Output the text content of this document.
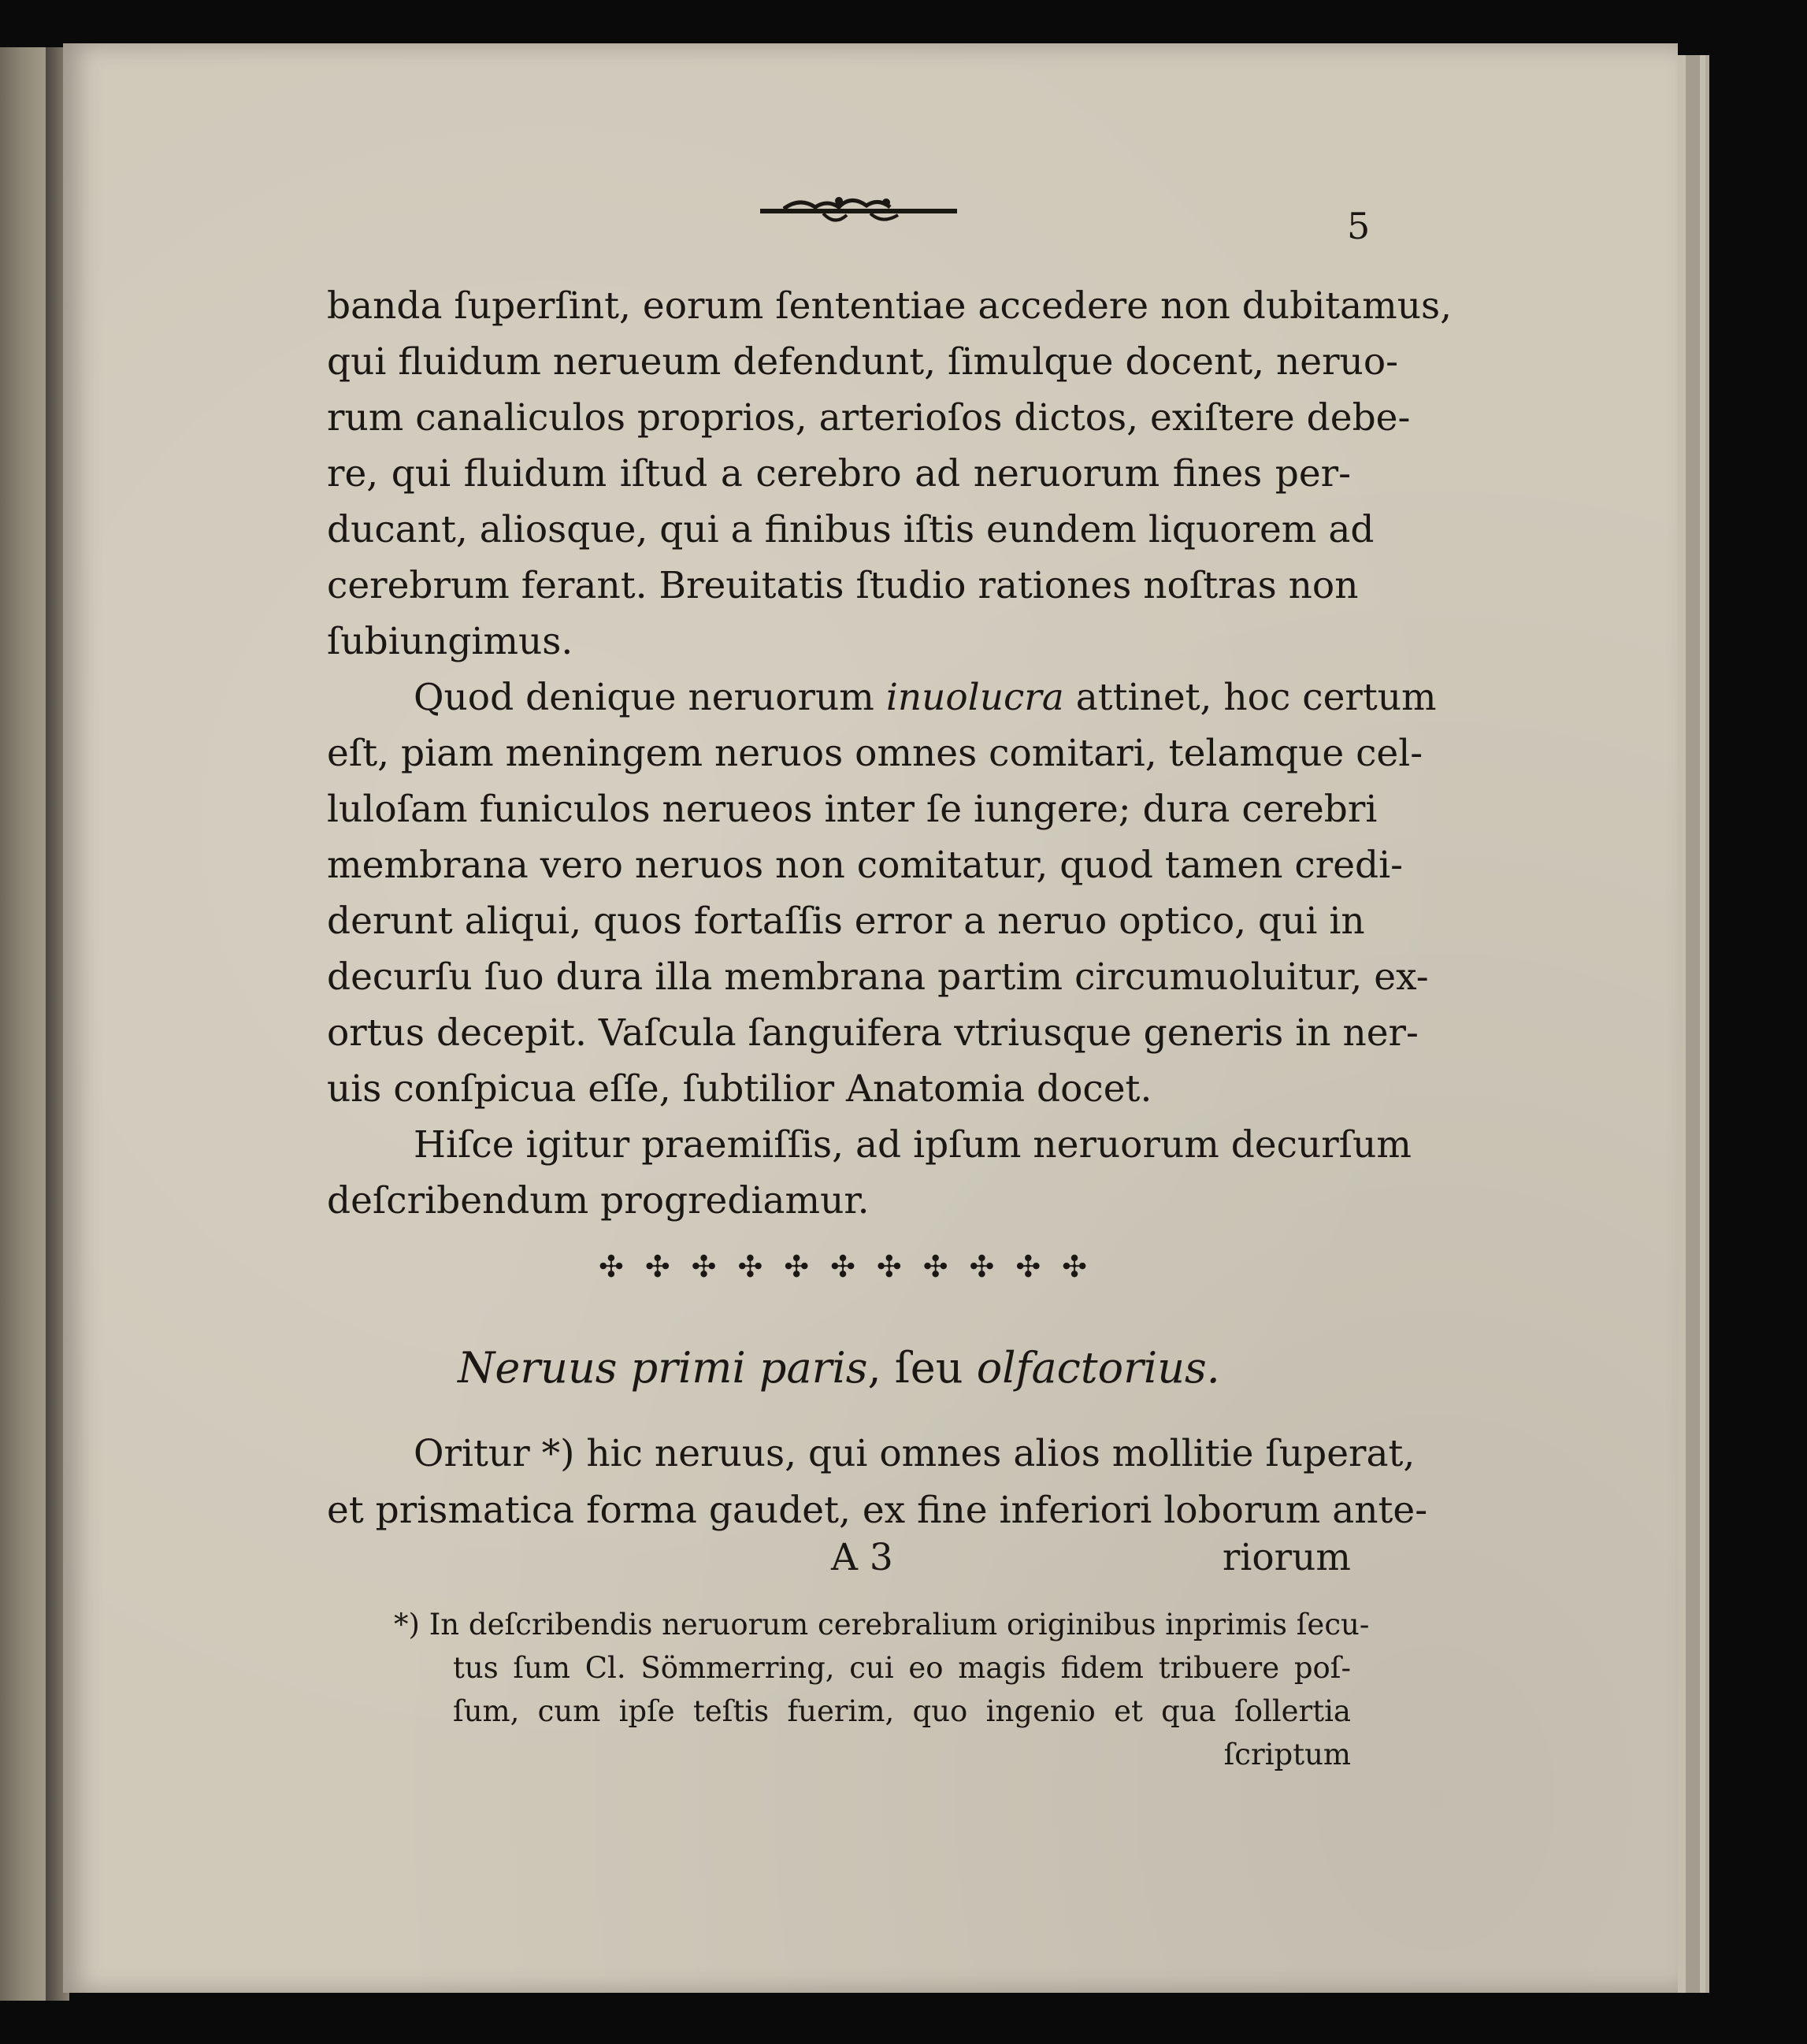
5
banda ſuperſint, eorum ſententiae accedere non dubitamus,
qui fluidum nerueum defendunt, ſimulque docent, neruo-
rum canaliculos proprios, arterioſos dictos, exiſtere debe-
re, qui fluidum iſtud a cerebro ad neruorum fines per-
ducant, aliosque, qui a finibus iſtis eundem liquorem ad
cerebrum ferant. Breuitatis ſtudio rationes noſtras non
ſubiungimus.
Quod denique neruorum inuolucra attinet, hoc certum
eſt, piam meningem neruos omnes comitari, telamque cel-
luloſam funiculos nerueos inter ſe iungere; dura cerebri
membrana vero neruos non comitatur, quod tamen credi-
derunt aliqui, quos fortaſſis error a neruo optico, qui in
decurſu ſuo dura illa membrana partim circumuoluitur, ex-
ortus decepit. Vaſcula ſanguifera vtriusque generis in ner-
uis conſpicua eſſe, ſubtilior Anatomia docet.
Hiſce igitur praemiſſis, ad ipſum neruorum decurſum
deſcribendum progrediamur.
✣ ✣ ✣ ✣ ✣ ✣ ✣ ✣ ✣ ✣ ✣
Neruus primi paris, ſeu olfactorius.
Oritur *) hic neruus, qui omnes alios mollitie ſuperat,
et prismatica forma gaudet, ex fine inferiori loborum ante-
A 3	riorum
*) In deſcribendis neruorum cerebralium originibus inprimis ſecu-
tus ſum Cl. Sömmerring, cui eo magis fidem tribuere poſ-
ſum, cum ipſe teſtis fuerim, quo ingenio et qua ſollertia
ſcriptum
